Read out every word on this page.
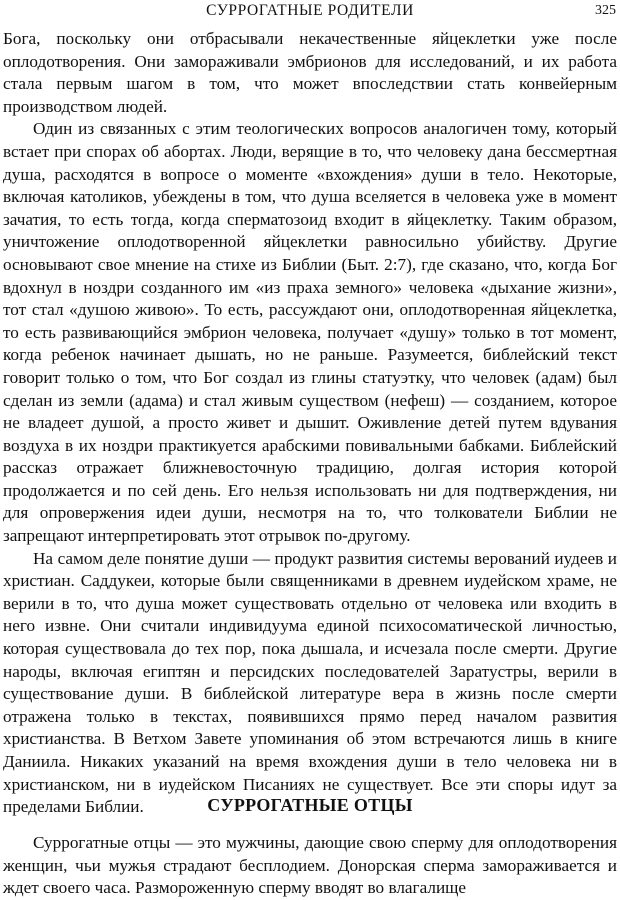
СУРРОГАТНЫЕ РОДИТЕЛИ	325

Бога, поскольку они отбрасывали некачественные яйцеклетки уже после оплодотворения. Они замораживали эмбрионов для исследований, и их работа стала первым шагом в том, что может впоследствии стать конвейерным производством людей.

Один из связанных с этим теологических вопросов аналогичен тому, который встает при спорах об абортах. Люди, верящие в то, что человеку дана бессмертная душа, расходятся в вопросе о моменте «вхождения» души в тело. Некоторые, включая католиков, убеждены в том, что душа вселяется в человека уже в момент зачатия, то есть тогда, когда сперматозоид входит в яйцеклетку. Таким образом, уничтожение оплодотворенной яйцеклетки равносильно убийству. Другие основывают свое мнение на стихе из Библии (Быт. 2:7), где сказано, что, когда Бог вдохнул в ноздри созданного им «из праха земного» человека «дыхание жизни», тот стал «душою живою». То есть, рассуждают они, оплодотворенная яйцеклетка, то есть развивающийся эмбрион человека, получает «душу» только в тот момент, когда ребенок начинает дышать, но не раньше. Разумеется, библейский текст говорит только о том, что Бог создал из глины статуэтку, что человек (адам) был сделан из земли (адама) и стал живым существом (нефеш) — созданием, которое не владеет душой, а просто живет и дышит. Оживление детей путем вдувания воздуха в их ноздри практикуется арабскими повивальными бабками. Библейский рассказ отражает ближневосточную традицию, долгая история которой продолжается и по сей день. Его нельзя использовать ни для подтверждения, ни для опровержения идеи души, несмотря на то, что толкователи Библии не запрещают интерпретировать этот отрывок по-другому.

На самом деле понятие души — продукт развития системы верований иудеев и христиан. Саддукеи, которые были священниками в древнем иудейском храме, не верили в то, что душа может существовать отдельно от человека или входить в него извне. Они считали индивидуума единой психосоматической личностью, которая существовала до тех пор, пока дышала, и исчезала после смерти. Другие народы, включая египтян и персидских последователей Заратустры, верили в существование души. В библейской литературе вера в жизнь после смерти отражена только в текстах, появившихся прямо перед началом развития христианства. В Ветхом Завете упоминания об этом встречаются лишь в книге Даниила. Никаких указаний на время вхождения души в тело человека ни в христианском, ни в иудейском Писаниях не существует. Все эти споры идут за пределами Библии.	СУРРОГАТНЫЕ ОТЦЫ

Суррогатные отцы — это мужчины, дающие свою сперму для оплодотворения женщин, чьи мужья страдают бесплодием. Донорская сперма замораживается и ждет своего часа. Размороженную сперму вводят во влагалище
